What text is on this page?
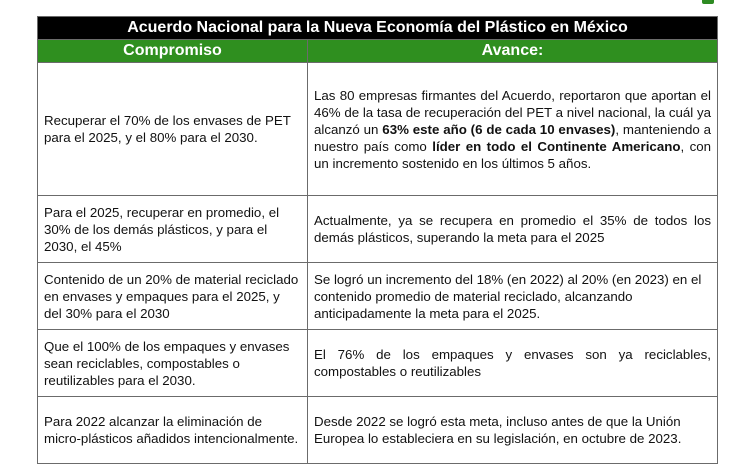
Acuerdo Nacional para la Nueva Economía del Plástico en México	
Compromiso	Avance:
Recuperar el 70% de los envases de PET para el 2025, y el 80% para el 2030.	Las 80 empresas firmantes del Acuerdo, reportaron que aportan el 46% de la tasa de recuperación del PET a nivel nacional, la cuál ya alcanzó un 63% este año (6 de cada 10 envases), manteniendo a nuestro país como líder en todo el Continente Americano, con un incremento sostenido en los últimos 5 años.
Para el 2025, recuperar en promedio, el 30% de los demás plásticos, y para el 2030, el 45%	Actualmente, ya se recupera en promedio el 35% de todos los demás plásticos, superando la meta para el 2025
Contenido de un 20% de material reciclado en envases y empaques para el 2025, y del 30% para el 2030	Se logró un incremento del 18% (en 2022) al 20% (en 2023) en el contenido promedio de material reciclado, alcanzando anticipadamente la meta para el 2025.
Que el 100% de los empaques y envases sean reciclables, compostables o reutilizables para el 2030.	El 76% de los empaques y envases son ya reciclables, compostables o reutilizables
Para 2022 alcanzar la eliminación de micro-plásticos añadidos intencionalmente.	Desde 2022 se logró esta meta, incluso antes de que la Unión Europea lo estableciera en su legislación, en octubre de 2023.
